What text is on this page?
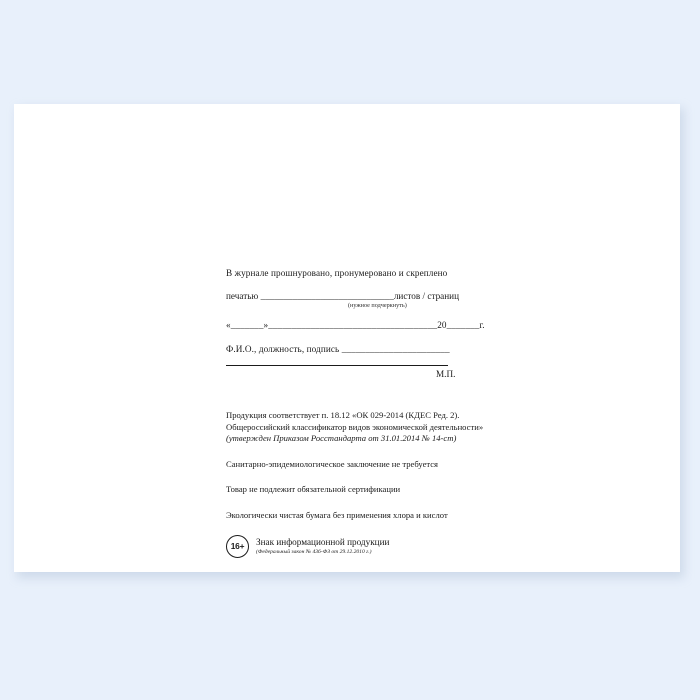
В журнале прошнуровано, пронумеровано и скреплено
печатью _____________________________листов / страниц
(нужное подчеркнуть)
«_______»____________________________________20_______г.
Ф.И.О., должность, подпись _______________________
М.П.
Продукция соответствует п. 18.12 «ОК 029-2014 (КДЕС Ред. 2).
Общероссийский классификатор видов экономической деятельности»
(утвержден Приказом Росстандарта от 31.01.2014 № 14-ст)
Санитарно-эпидемиологическое заключение не требуется
Товар не подлежит обязательной сертификации
Экологически чистая бумага без применения хлора и кислот
16+	Знак информационной продукции
(Федеральный закон № 436-ФЗ от 29.12.2010 г.)
